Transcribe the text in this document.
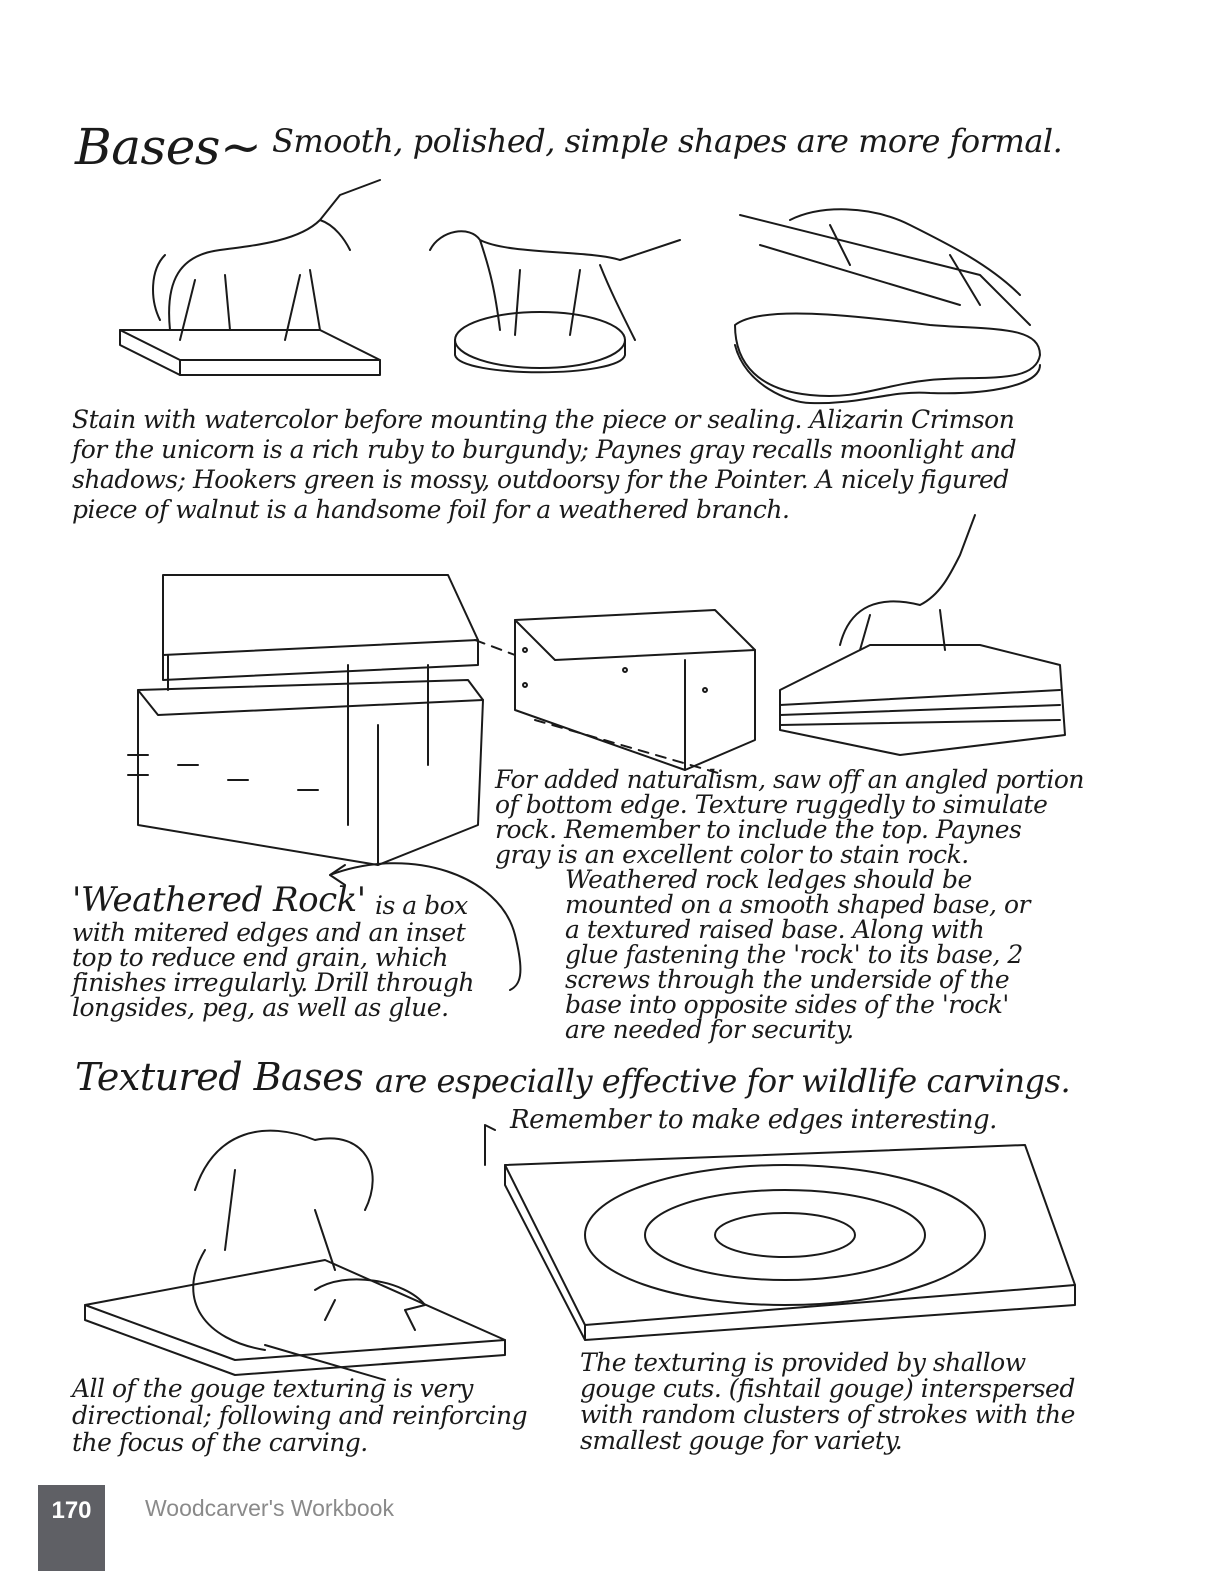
Bases~ Smooth, polished, simple shapes are more formal.
Stain with watercolor before mounting the piece or sealing. Alizarin Crimson
for the unicorn is a rich ruby to burgundy; Paynes gray recalls moonlight and
shadows; Hookers green is mossy, outdoorsy for the Pointer. A nicely figured
piece of walnut is a handsome foil for a weathered branch.
'Weathered Rock' is a box
with mitered edges and an inset
top to reduce end grain, which
finishes irregularly. Drill through
longsides, peg, as well as glue.
For added naturalism, saw off an angled portion
of bottom edge. Texture ruggedly to simulate
rock. Remember to include the top. Paynes
gray is an excellent color to stain rock.
Weathered rock ledges should be
mounted on a smooth shaped base, or
a textured raised base. Along with
glue fastening the 'rock' to its base, 2
screws through the underside of the
base into opposite sides of the 'rock'
are needed for security.
Textured Bases are especially effective for wildlife carvings.
Remember to make edges interesting.
All of the gouge texturing is very
directional; following and reinforcing
the focus of the carving.
The texturing is provided by shallow
gouge cuts. (fishtail gouge) interspersed
with random clusters of strokes with the
smallest gouge for variety.
170	Woodcarver's Workbook
